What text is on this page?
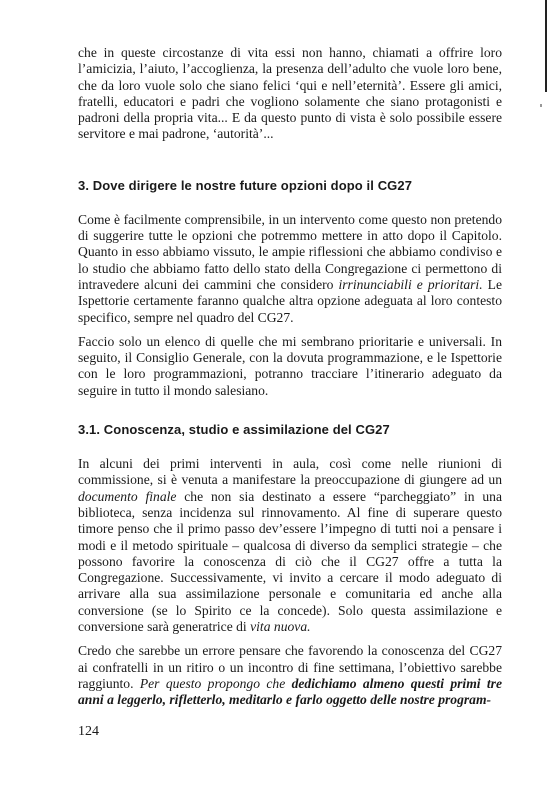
che in queste circostanze di vita essi non hanno, chiamati a offrire loro l’amicizia, l’aiuto, l’accoglienza, la presenza dell’adulto che vuole loro bene, che da loro vuole solo che siano felici ‘qui e nell’eternità’. Essere gli amici, fratelli, educatori e padri che vogliono solamente che siano protagonisti e padroni della propria vita... E da questo punto di vista è solo possibile essere servitore e mai padrone, ‘autorità’...

3. Dove dirigere le nostre future opzioni dopo il CG27

Come è facilmente comprensibile, in un intervento come questo non pretendo di suggerire tutte le opzioni che potremmo mettere in atto dopo il Capitolo. Quanto in esso abbiamo vissuto, le ampie riflessioni che abbiamo condiviso e lo studio che abbiamo fatto dello stato della Congregazione ci permettono di intravedere alcuni dei cammini che considero irrinunciabili e prioritari. Le Ispettorie certamente faranno qualche altra opzione adeguata al loro contesto specifico, sempre nel quadro del CG27.

Faccio solo un elenco di quelle che mi sembrano prioritarie e universali. In seguito, il Consiglio Generale, con la dovuta programmazione, e le Ispettorie con le loro programmazioni, potranno tracciare l’itinerario adeguato da seguire in tutto il mondo salesiano.

3.1. Conoscenza, studio e assimilazione del CG27

In alcuni dei primi interventi in aula, così come nelle riunioni di commissione, si è venuta a manifestare la preoccupazione di giungere ad un documento finale che non sia destinato a essere “parcheggiato” in una biblioteca, senza incidenza sul rinnovamento. Al fine di superare questo timore penso che il primo passo dev’essere l’impegno di tutti noi a pensare i modi e il metodo spirituale – qualcosa di diverso da semplici strategie – che possono favorire la conoscenza di ciò che il CG27 offre a tutta la Congregazione. Successivamente, vi invito a cercare il modo adeguato di arrivare alla sua assimilazione personale e comunitaria ed anche alla conversione (se lo Spirito ce la concede). Solo questa assimilazione e conversione sarà generatrice di vita nuova.

Credo che sarebbe un errore pensare che favorendo la conoscenza del CG27 ai confratelli in un ritiro o un incontro di fine settimana, l’obiettivo sarebbe raggiunto. Per questo propongo che dedichiamo almeno questi primi tre anni a leggerlo, rifletterlo, meditarlo e farlo oggetto delle nostre program-

124
